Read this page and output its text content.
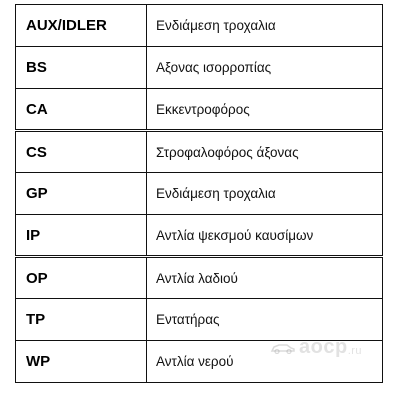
AUX/IDLER	Ενδιάμεση τροχαλια
BS	Αξονας ισορροπίας
CA	Εκκεντροφόρος
CS	Στροφαλοφόρος άξονας
GP	Ενδιάμεση τροχαλια
IP	Αντλία ψεκσμού καυσίμων
OP	Αντλία λαδιού
TP	Εντατήρας
WP	Αντλία νερού
aocp .ru
